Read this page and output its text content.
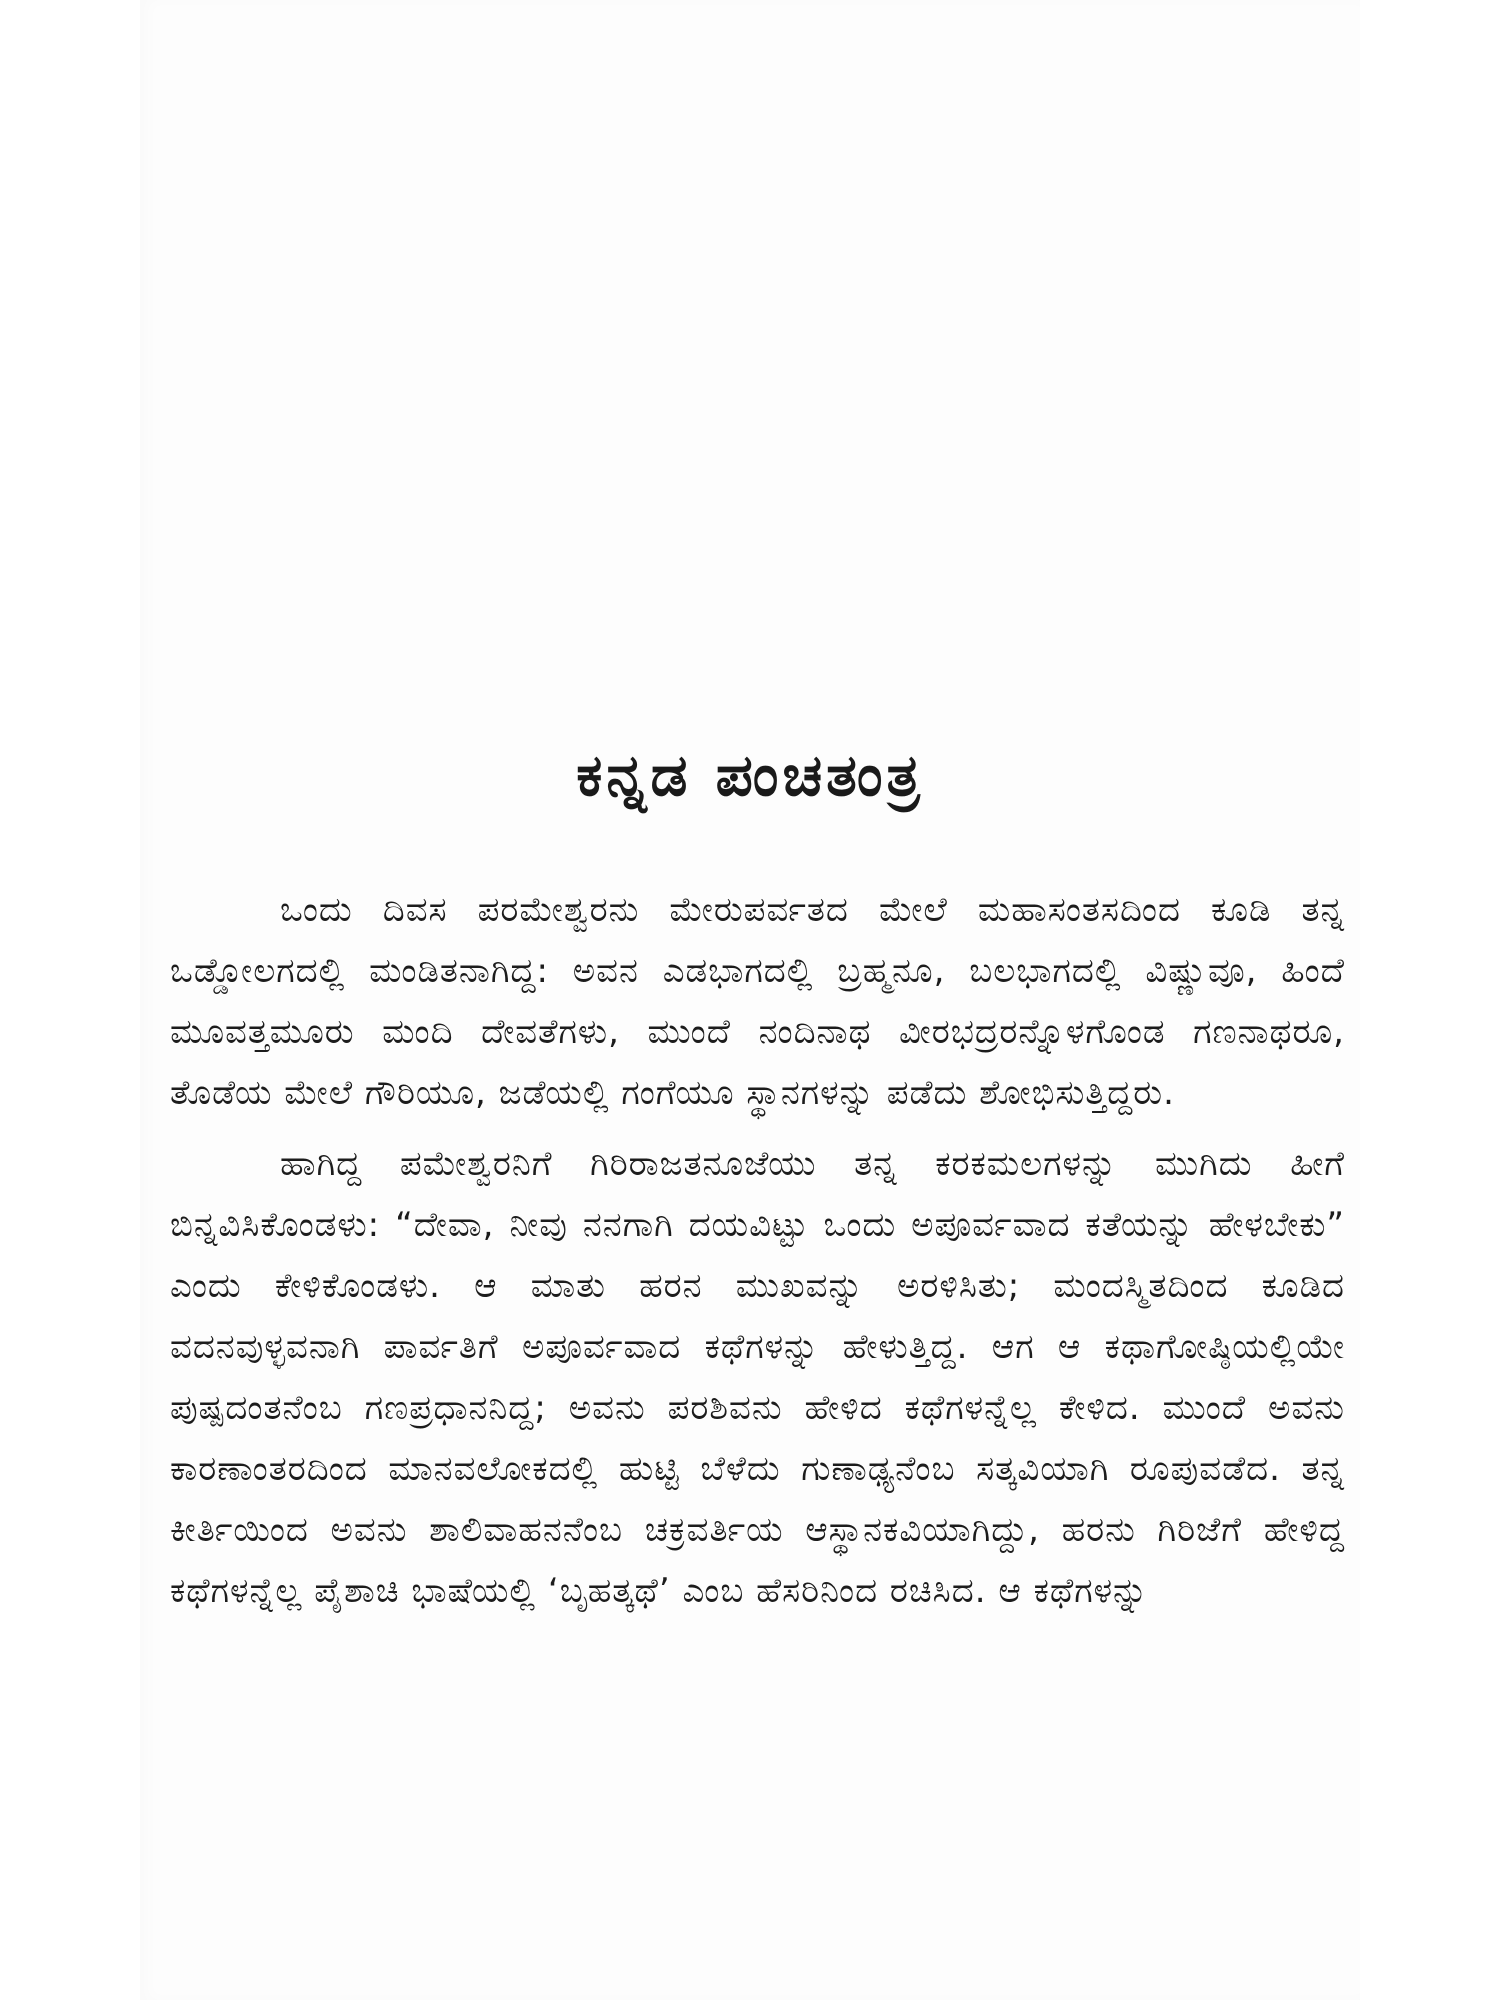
ಕನ್ನಡ ಪಂಚತಂತ್ರ

ಒಂದು ದಿವಸ ಪರಮೇಶ್ವರನು ಮೇರುಪರ್ವತದ ಮೇಲೆ ಮಹಾಸಂತಸದಿಂದ ಕೂಡಿ ತನ್ನ ಒಡ್ಡೋಲಗದಲ್ಲಿ ಮಂಡಿತನಾಗಿದ್ದ: ಅವನ ಎಡಭಾಗದಲ್ಲಿ ಬ್ರಹ್ಮನೂ, ಬಲಭಾಗದಲ್ಲಿ ವಿಷ್ಣುವೂ, ಹಿಂದೆ ಮೂವತ್ತಮೂರು ಮಂದಿ ದೇವತೆಗಳು, ಮುಂದೆ ನಂದಿನಾಥ ವೀರಭದ್ರರನ್ನೊಳಗೊಂಡ ಗಣನಾಥರೂ, ತೊಡೆಯ ಮೇಲೆ ಗೌರಿಯೂ, ಜಡೆಯಲ್ಲಿ ಗಂಗೆಯೂ ಸ್ಥಾನಗಳನ್ನು ಪಡೆದು ಶೋಭಿಸುತ್ತಿದ್ದರು.

ಹಾಗಿದ್ದ ಪಮೇಶ್ವರನಿಗೆ ಗಿರಿರಾಜತನೂಜೆಯು ತನ್ನ ಕರಕಮಲಗಳನ್ನು ಮುಗಿದು ಹೀಗೆ ಬಿನ್ನವಿಸಿಕೊಂಡಳು: “ದೇವಾ, ನೀವು ನನಗಾಗಿ ದಯವಿಟ್ಟು ಒಂದು ಅಪೂರ್ವವಾದ ಕತೆಯನ್ನು ಹೇಳಬೇಕು” ಎಂದು ಕೇಳಿಕೊಂಡಳು. ಆ ಮಾತು ಹರನ ಮುಖವನ್ನು ಅರಳಿಸಿತು; ಮಂದಸ್ಮಿತದಿಂದ ಕೂಡಿದ ವದನವುಳ್ಳವನಾಗಿ ಪಾರ್ವತಿಗೆ ಅಪೂರ್ವವಾದ ಕಥೆಗಳನ್ನು ಹೇಳುತ್ತಿದ್ದ. ಆಗ ಆ ಕಥಾಗೋಷ್ಠಿಯಲ್ಲಿಯೇ ಪುಷ್ಪದಂತನೆಂಬ ಗಣಪ್ರಧಾನನಿದ್ದ; ಅವನು ಪರಶಿವನು ಹೇಳಿದ ಕಥೆಗಳನ್ನೆಲ್ಲ ಕೇಳಿದ. ಮುಂದೆ ಅವನು ಕಾರಣಾಂತರದಿಂದ ಮಾನವಲೋಕದಲ್ಲಿ ಹುಟ್ಟಿ ಬೆಳೆದು ಗುಣಾಢ್ಯನೆಂಬ ಸತ್ಕವಿಯಾಗಿ ರೂಪುವಡೆದ. ತನ್ನ ಕೀರ್ತಿಯಿಂದ ಅವನು ಶಾಲಿವಾಹನನೆಂಬ ಚಕ್ರವರ್ತಿಯ ಆಸ್ಥಾನಕವಿಯಾಗಿದ್ದು, ಹರನು ಗಿರಿಜೆಗೆ ಹೇಳಿದ್ದ ಕಥೆಗಳನ್ನೆಲ್ಲ ಪೈಶಾಚಿ ಭಾಷೆಯಲ್ಲಿ ‘ಬೃಹತ್ಕಥೆ’ ಎಂಬ ಹೆಸರಿನಿಂದ ರಚಿಸಿದ. ಆ ಕಥೆಗಳನ್ನು
